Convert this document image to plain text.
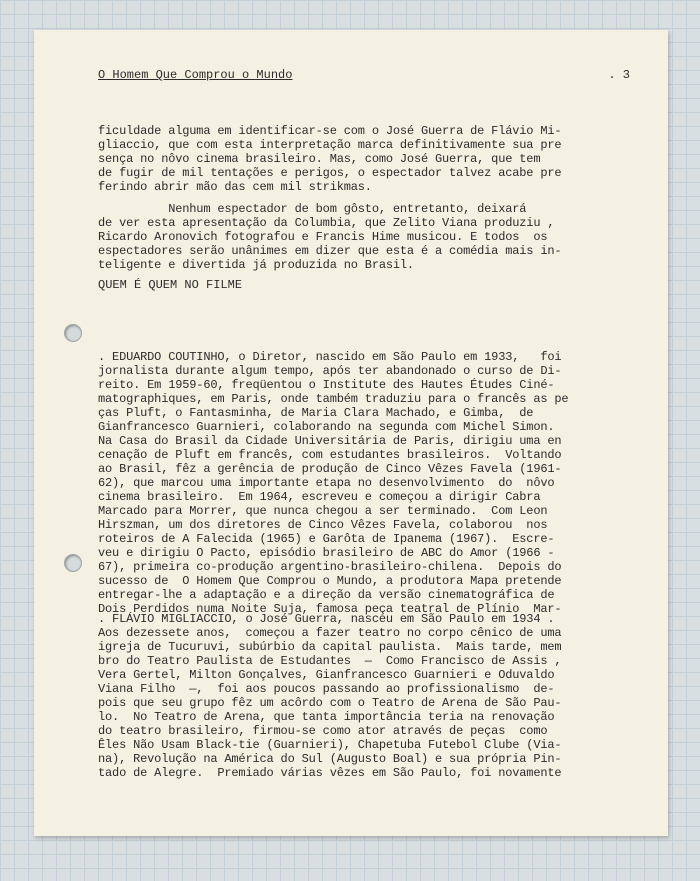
O Homem Que Comprou o Mundo	. 3
ficuldade alguma em identificar-se com o José Guerra de Flávio Mi-
gliaccio, que com esta interpretação marca definitivamente sua pre
sença no nôvo cinema brasileiro. Mas, como José Guerra, que tem
de fugir de mil tentações e perigos, o espectador talvez acabe pre
ferindo abrir mão das cem mil strikmas.
Nenhum espectador de bom gôsto, entretanto, deixará
de ver esta apresentação da Columbia, que Zelito Viana produziu ,
Ricardo Aronovich fotografou e Francis Hime musicou. E todos  os
espectadores serão unânimes em dizer que esta é a comédia mais in-
teligente e divertida já produzida no Brasil.
QUEM É QUEM NO FILME
. EDUARDO COUTINHO, o Diretor, nascido em São Paulo em 1933,   foi
jornalista durante algum tempo, após ter abandonado o curso de Di-
reito. Em 1959-60, freqüentou o Institute des Hautes Études Ciné-
matographiques, em Paris, onde também traduziu para o francês as pe
ças Pluft, o Fantasminha, de Maria Clara Machado, e Gimba,  de
Gianfrancesco Guarnieri, colaborando na segunda com Michel Simon.
Na Casa do Brasil da Cidade Universitária de Paris, dirigiu uma en
cenação de Pluft em francês, com estudantes brasileiros.  Voltando
ao Brasil, fêz a gerência de produção de Cinco Vêzes Favela (1961-
62), que marcou uma importante etapa no desenvolvimento  do  nôvo
cinema brasileiro.  Em 1964, escreveu e começou a dirigir Cabra
Marcado para Morrer, que nunca chegou a ser terminado.  Com Leon
Hirszman, um dos diretores de Cinco Vêzes Favela, colaborou  nos
roteiros de A Falecida (1965) e Garôta de Ipanema (1967).  Escre-
veu e dirigiu O Pacto, episódio brasileiro de ABC do Amor (1966 -
67), primeira co-produção argentino-brasileiro-chilena.  Depois do
sucesso de  O Homem Que Comprou o Mundo, a produtora Mapa pretende
entregar-lhe a adaptação e a direção da versão cinematográfica de
Dois Perdidos numa Noite Suja, famosa peça teatral de Plínio  Mar-
. FLÁVIO MIGLIACCIO, o José Guerra, nasceu em São Paulo em 1934 .
Aos dezessete anos,  começou a fazer teatro no corpo cênico de uma
igreja de Tucuruvi, subúrbio da capital paulista.  Mais tarde, mem
bro do Teatro Paulista de Estudantes  —  Como Francisco de Assis ,
Vera Gertel, Milton Gonçalves, Gianfrancesco Guarnieri e Oduvaldo
Viana Filho  —,  foi aos poucos passando ao profissionalismo  de-
pois que seu grupo fêz um acôrdo com o Teatro de Arena de São Pau-
lo.  No Teatro de Arena, que tanta importância teria na renovação
do teatro brasileiro, firmou-se como ator através de peças  como
Êles Não Usam Black-tie (Guarnieri), Chapetuba Futebol Clube (Via-
na), Revolução na América do Sul (Augusto Boal) e sua própria Pin-
tado de Alegre.  Premiado várias vêzes em São Paulo, foi novamente
